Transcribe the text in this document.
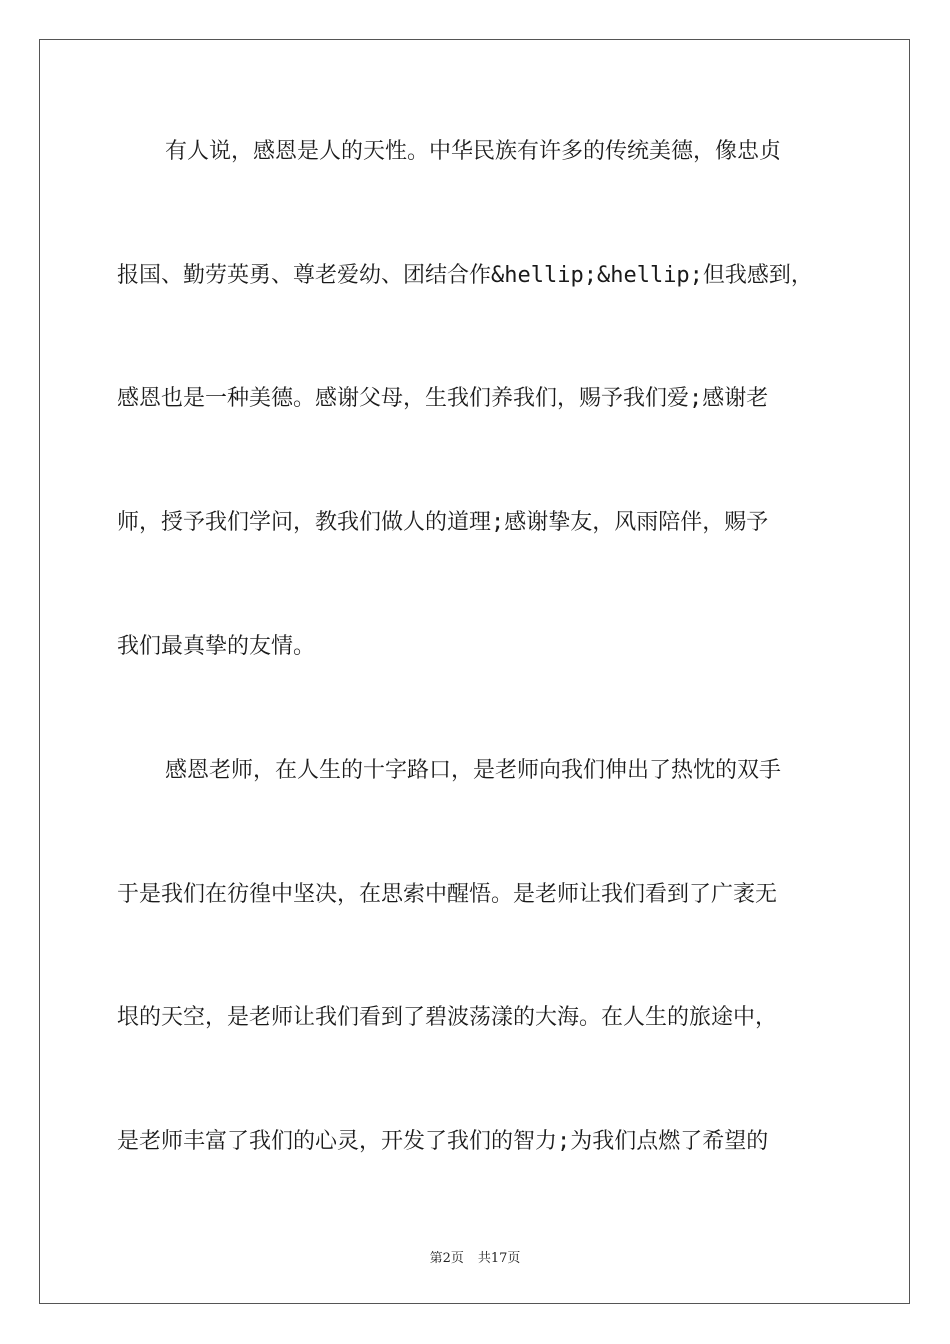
有人说，感恩是人的天性。中华民族有许多的传统美德，像忠贞
报国、勤劳英勇、尊老爱幼、团结合作&hellip;&hellip;但我感到，
感恩也是一种美德。感谢父母，生我们养我们，赐予我们爱;感谢老
师，授予我们学问，教我们做人的道理;感谢挚友，风雨陪伴，赐予
我们最真挚的友情。
感恩老师，在人生的十字路口，是老师向我们伸出了热忱的双手
于是我们在彷徨中坚决，在思索中醒悟。是老师让我们看到了广袤无
垠的天空，是老师让我们看到了碧波荡漾的大海。在人生的旅途中，
是老师丰富了我们的心灵，开发了我们的智力;为我们点燃了希望的
第2页 共17页
